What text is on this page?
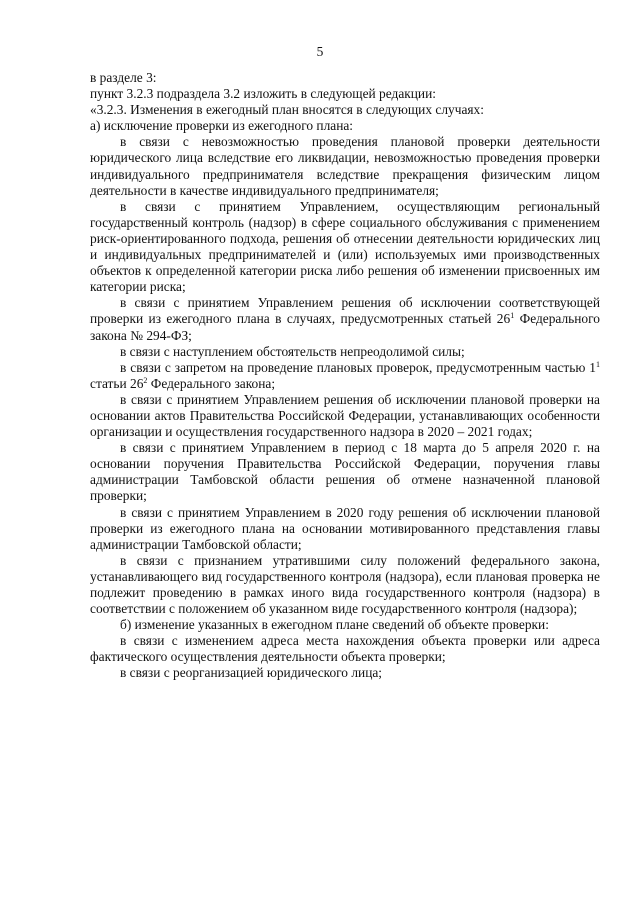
5

в разделе 3:

пункт 3.2.3 подраздела 3.2 изложить в следующей редакции:

«3.2.3. Изменения в ежегодный план вносятся в следующих случаях:

а) исключение проверки из ежегодного плана:

в связи с невозможностью проведения плановой проверки деятельности юридического лица вследствие его ликвидации, невозможностью проведения проверки индивидуального предпринимателя вследствие прекращения физическим лицом деятельности в качестве индивидуального предпринимателя;

в связи с принятием Управлением, осуществляющим региональный государственный контроль (надзор) в сфере социального обслуживания с применением риск-ориентированного подхода, решения об отнесении деятельности юридических лиц и индивидуальных предпринимателей и (или) используемых ими производственных объектов к определенной категории риска либо решения об изменении присвоенных им категории риска;

в связи с принятием Управлением решения об исключении соответствующей проверки из ежегодного плана в случаях, предусмотренных статьей $26^1$ Федерального закона № 294-ФЗ;

в связи с наступлением обстоятельств непреодолимой силы;

в связи с запретом на проведение плановых проверок, предусмотренным частью $1^1$ статьи $26^2$ Федерального закона;

в связи с принятием Управлением решения об исключении плановой проверки на основании актов Правительства Российской Федерации, устанавливающих особенности организации и осуществления государственного надзора в 2020 – 2021 годах;

в связи с принятием Управлением в период с 18 марта до 5 апреля 2020 г. на основании поручения Правительства Российской Федерации, поручения главы администрации Тамбовской области решения об отмене назначенной плановой проверки;

в связи с принятием Управлением в 2020 году решения об исключении плановой проверки из ежегодного плана на основании мотивированного представления главы администрации Тамбовской области;

в связи с признанием утратившими силу положений федерального закона, устанавливающего вид государственного контроля (надзора), если плановая проверка не подлежит проведению в рамках иного вида государственного контроля (надзора) в соответствии с положением об указанном виде государственного контроля (надзора);

б) изменение указанных в ежегодном плане сведений об объекте проверки:

в связи с изменением адреса места нахождения объекта проверки или адреса фактического осуществления деятельности объекта проверки;

в связи с реорганизацией юридического лица;
